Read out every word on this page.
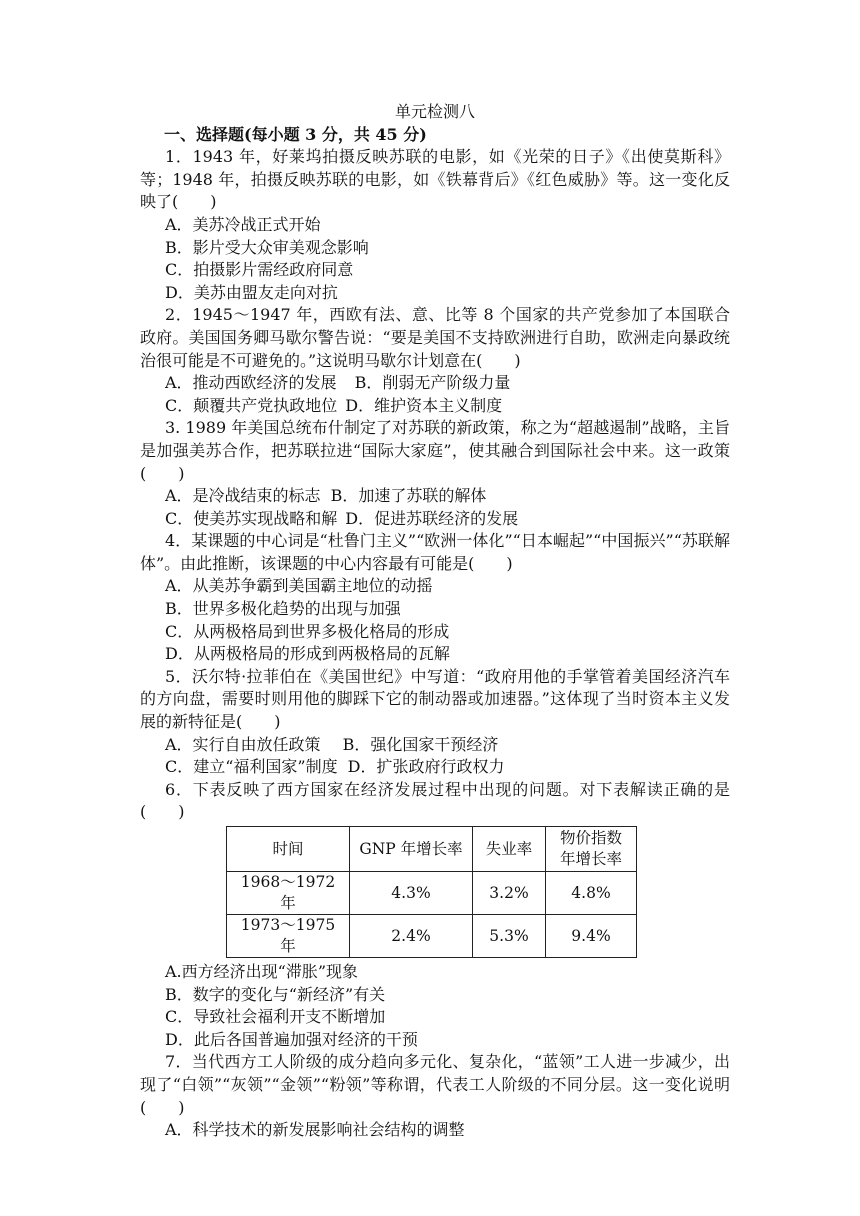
单元检测八
一、选择题(每小题 3 分，共 45 分)
1．1943 年，好莱坞拍摄反映苏联的电影，如《光荣的日子》《出使莫斯科》等；1948 年，拍摄反映苏联的电影，如《铁幕背后》《红色威胁》等。这一变化反映了(　　)
A．美苏冷战正式开始
B．影片受大众审美观念影响
C．拍摄影片需经政府同意
D．美苏由盟友走向对抗
2．1945～1947 年，西欧有法、意、比等 8 个国家的共产党参加了本国联合政府。美国国务卿马歇尔警告说：“要是美国不支持欧洲进行自助，欧洲走向暴政统治很可能是不可避免的。”这说明马歇尔计划意在(　　)
A．推动西欧经济的发展 B．削弱无产阶级力量
C．颠覆共产党执政地位 D．维护资本主义制度
3. 1989 年美国总统布什制定了对苏联的新政策，称之为“超越遏制”战略，主旨是加强美苏合作，把苏联拉进“国际大家庭”，使其融合到国际社会中来。这一政策(　　)
A．是冷战结束的标志 B．加速了苏联的解体
C．使美苏实现战略和解 D．促进苏联经济的发展
4．某课题的中心词是“杜鲁门主义”“欧洲一体化”“日本崛起”“中国振兴”“苏联解体”。由此推断，该课题的中心内容最有可能是(　　)
A．从美苏争霸到美国霸主地位的动摇
B．世界多极化趋势的出现与加强
C．从两极格局到世界多极化格局的形成
D．从两极格局的形成到两极格局的瓦解
5．沃尔特·拉菲伯在《美国世纪》中写道：“政府用他的手掌管着美国经济汽车的方向盘，需要时则用他的脚踩下它的制动器或加速器。”这体现了当时资本主义发展的新特征是(　　)
A．实行自由放任政策 B．强化国家干预经济
C．建立“福利国家”制度 D．扩张政府行政权力
6．下表反映了西方国家在经济发展过程中出现的问题。对下表解读正确的是(　　)
时间	GNP 年增长率	失业率	物价指数
年增长率
1968～1972 年	4.3%	3.2%	4.8%
1973～1975 年	2.4%	5.3%	9.4%
A.西方经济出现“滞胀”现象
B．数字的变化与“新经济”有关
C．导致社会福利开支不断增加
D．此后各国普遍加强对经济的干预
7．当代西方工人阶级的成分趋向多元化、复杂化，“蓝领”工人进一步减少，出现了“白领”“灰领”“金领”“粉领”等称谓，代表工人阶级的不同分层。这一变化说明(　　)
A．科学技术的新发展影响社会结构的调整
